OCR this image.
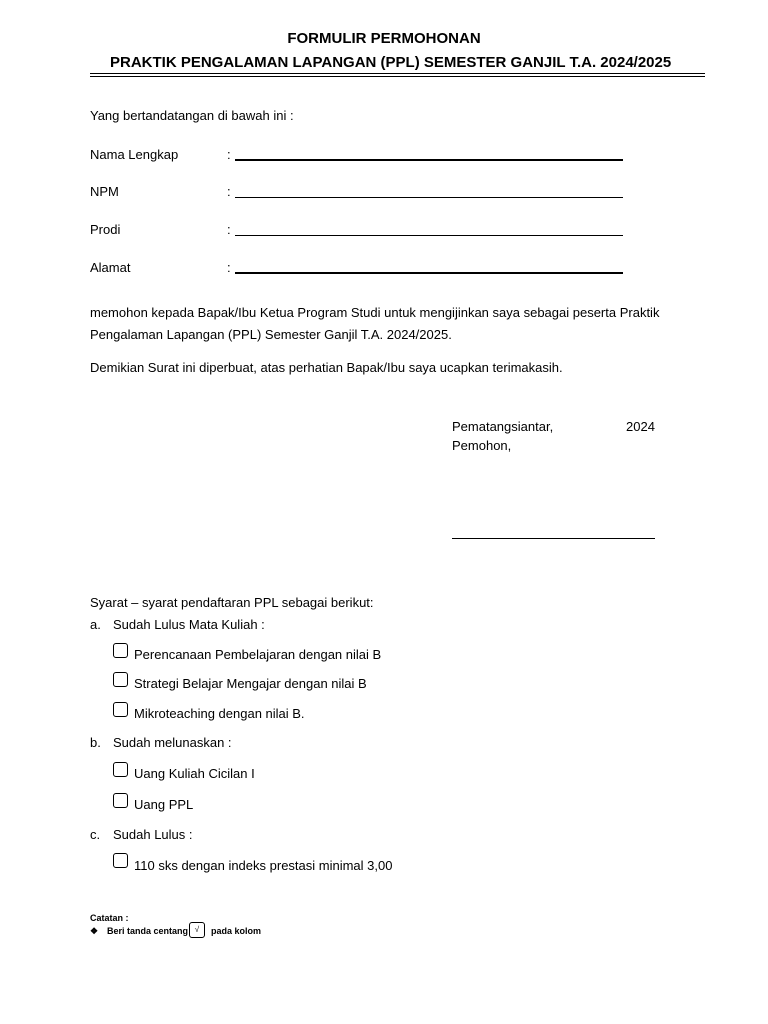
FORMULIR PERMOHONAN
PRAKTIK PENGALAMAN LAPANGAN (PPL) SEMESTER GANJIL T.A. 2024/2025
Yang bertandatangan di bawah ini :
Nama Lengkap	:
NPM	:
Prodi	:
Alamat	:
memohon kepada Bapak/Ibu Ketua Program Studi untuk mengijinkan saya sebagai peserta Praktik
Pengalaman Lapangan (PPL) Semester Ganjil T.A. 2024/2025.
Demikian Surat ini diperbuat, atas perhatian Bapak/Ibu saya ucapkan terimakasih.
Pematangsiantar,	2024
Pemohon,
Syarat – syarat pendaftaran PPL sebagai berikut:
a. Sudah Lulus Mata Kuliah :
Perencanaan Pembelajaran dengan nilai B
Strategi Belajar Mengajar dengan nilai B
Mikroteaching dengan nilai B.
b. Sudah melunaskan :
Uang Kuliah Cicilan I
Uang PPL
c. Sudah Lulus :
110 sks dengan indeks prestasi minimal 3,00
Catatan :
❖ Beri tanda centang √	pada kolom
